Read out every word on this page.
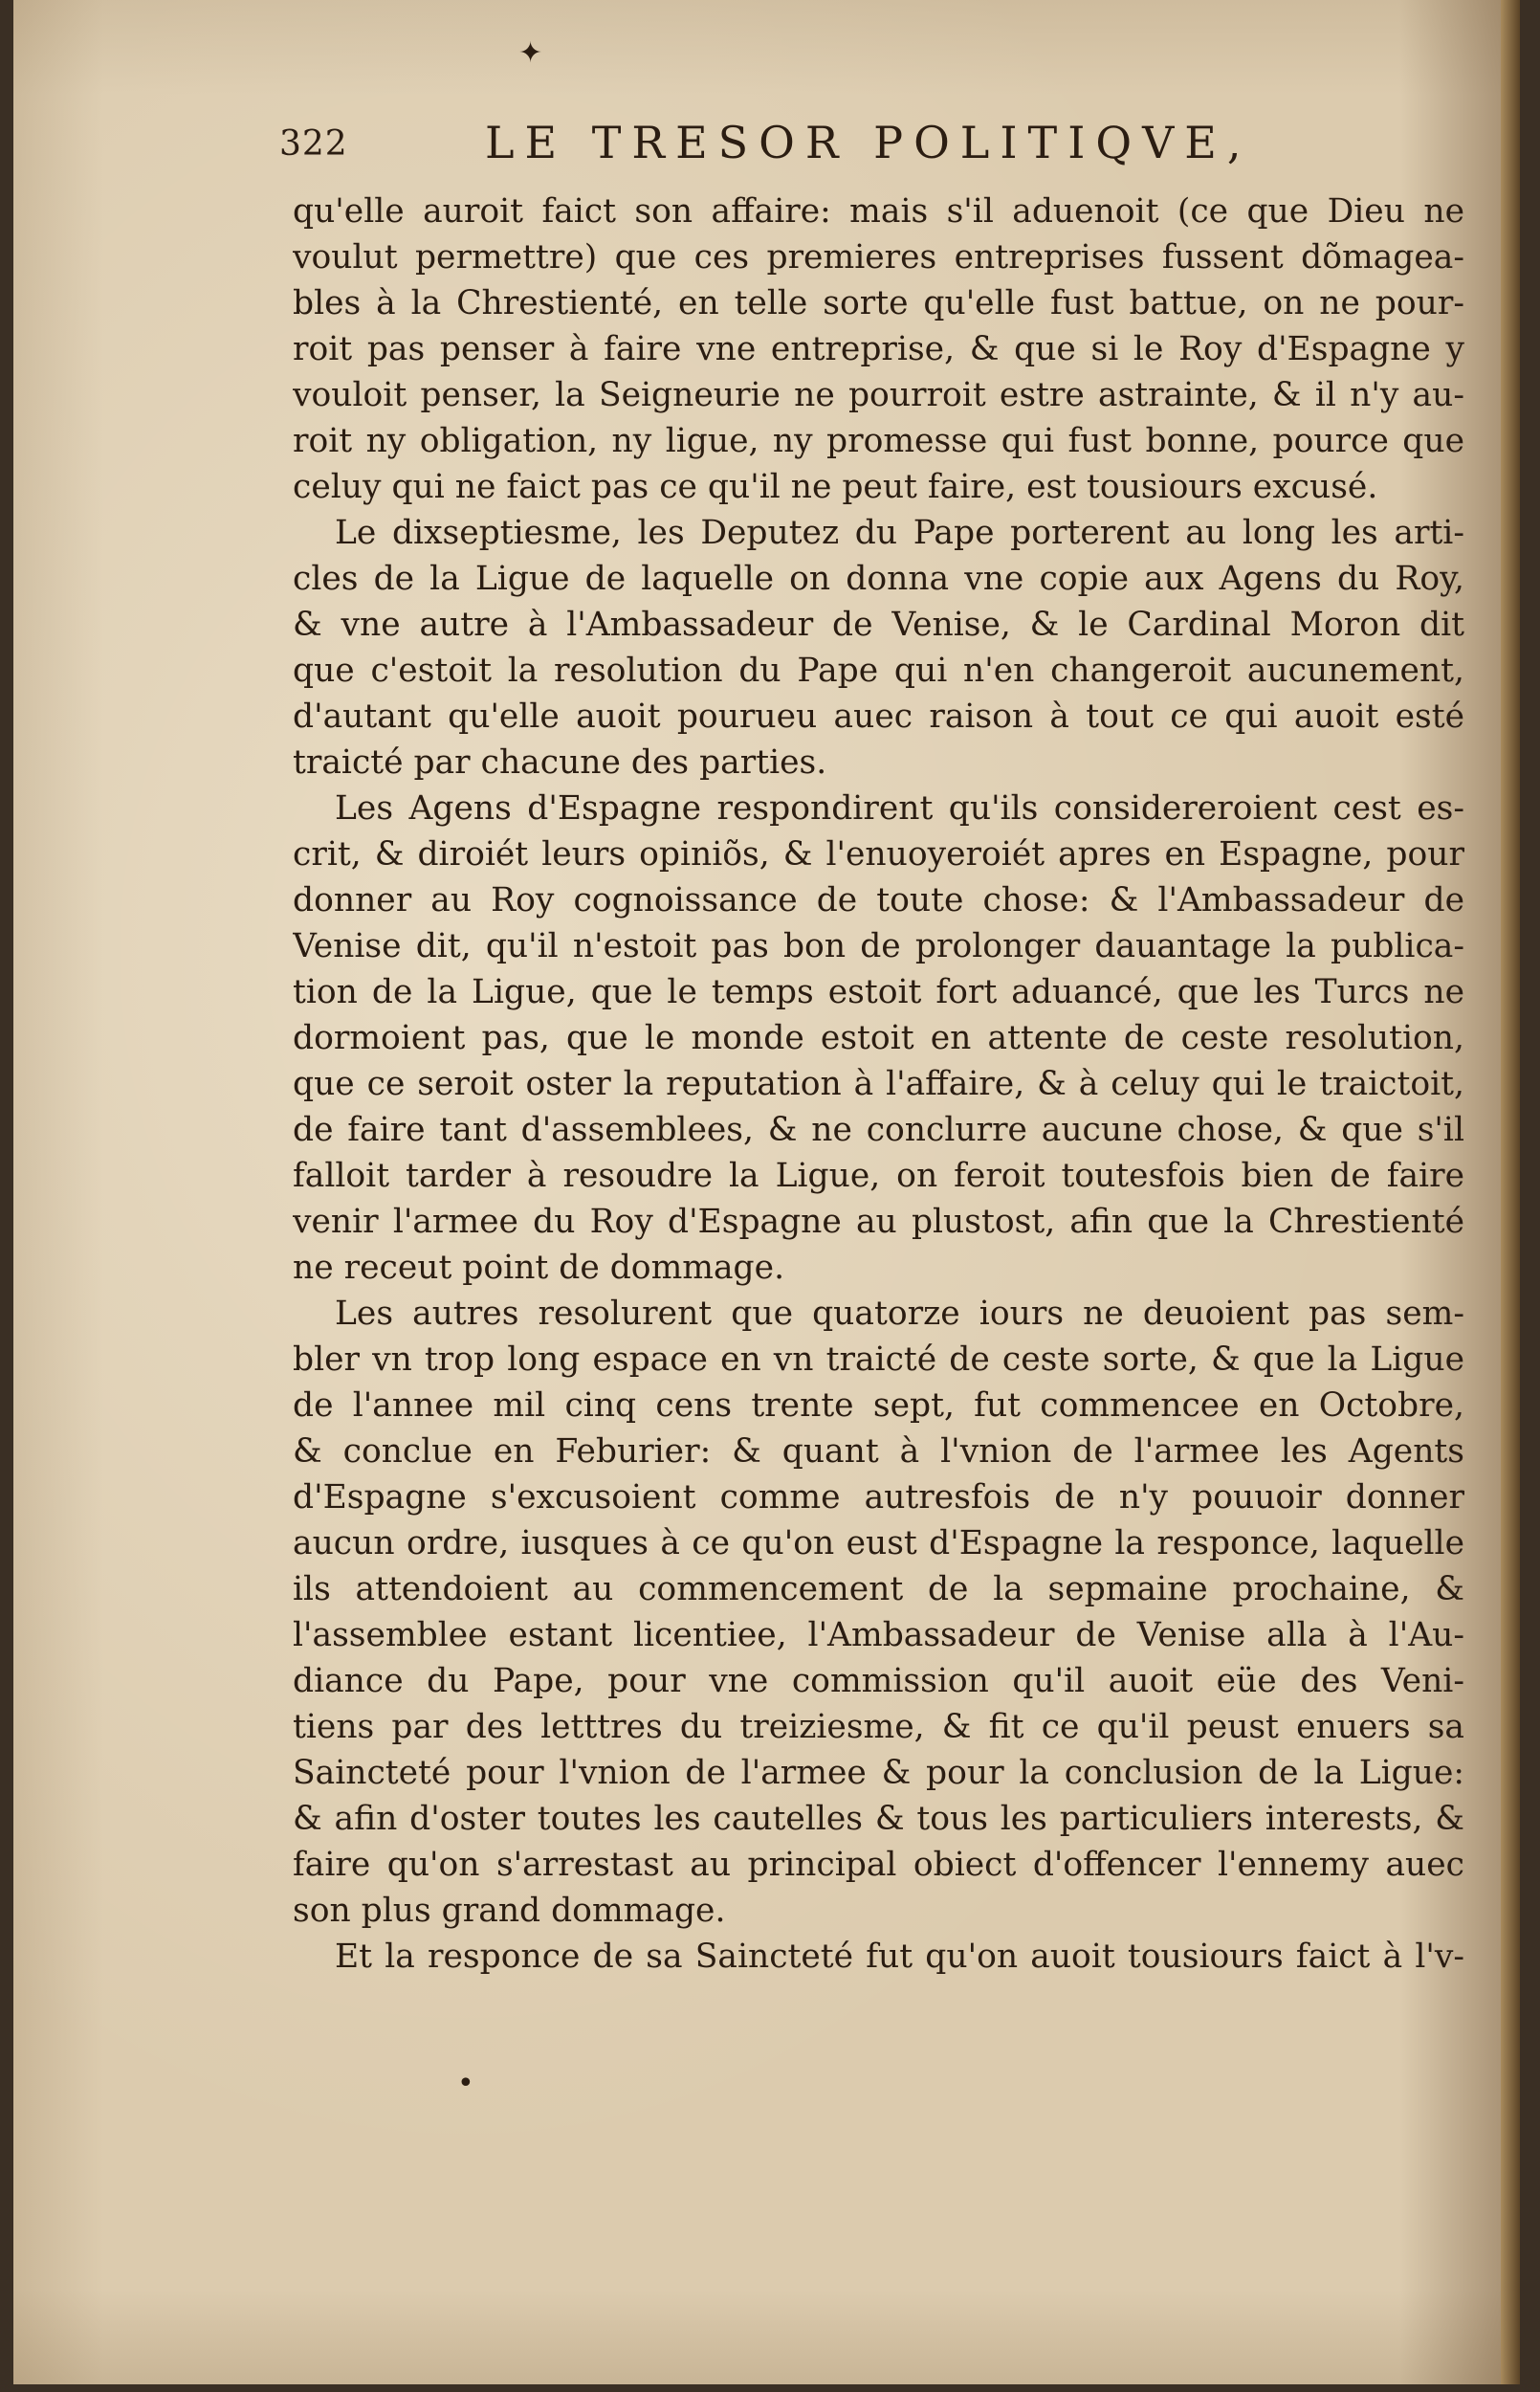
✦
322	LE TRESOR POLITIQVE,
qu'elle auroit faict son affaire: mais s'il aduenoit (ce que Dieu ne
voulut permettre) que ces premieres entreprises fussent dõmagea-
bles à la Chrestienté, en telle sorte qu'elle fust battue, on ne pour-
roit pas penser à faire vne entreprise, & que si le Roy d'Espagne y
vouloit penser, la Seigneurie ne pourroit estre astrainte, & il n'y au-
roit ny obligation, ny ligue, ny promesse qui fust bonne, pource que
celuy qui ne faict pas ce qu'il ne peut faire, est tousiours excusé.
Le dixseptiesme, les Deputez du Pape porterent au long les arti-
cles de la Ligue de laquelle on donna vne copie aux Agens du Roy,
& vne autre à l'Ambassadeur de Venise, & le Cardinal Moron dit
que c'estoit la resolution du Pape qui n'en changeroit aucunement,
d'autant qu'elle auoit pourueu auec raison à tout ce qui auoit esté
traicté par chacune des parties.
Les Agens d'Espagne respondirent qu'ils considereroient cest es-
crit, & diroiét leurs opiniõs, & l'enuoyeroiét apres en Espagne, pour
donner au Roy cognoissance de toute chose: & l'Ambassadeur de
Venise dit, qu'il n'estoit pas bon de prolonger dauantage la publica-
tion de la Ligue, que le temps estoit fort aduancé, que les Turcs ne
dormoient pas, que le monde estoit en attente de ceste resolution,
que ce seroit oster la reputation à l'affaire, & à celuy qui le traictoit,
de faire tant d'assemblees, & ne conclurre aucune chose, & que s'il
falloit tarder à resoudre la Ligue, on feroit toutesfois bien de faire
venir l'armee du Roy d'Espagne au plustost, afin que la Chrestienté
ne receut point de dommage.
Les autres resolurent que quatorze iours ne deuoient pas sem-
bler vn trop long espace en vn traicté de ceste sorte, & que la Ligue
de l'annee mil cinq cens trente sept, fut commencee en Octobre,
& conclue en Feburier: & quant à l'vnion de l'armee les Agents
d'Espagne s'excusoient comme autresfois de n'y pouuoir donner
aucun ordre, iusques à ce qu'on eust d'Espagne la responce, laquelle
ils attendoient au commencement de la sepmaine prochaine, &
l'assemblee estant licentiee, l'Ambassadeur de Venise alla à l'Au-
diance du Pape, pour vne commission qu'il auoit eüe des Veni-
tiens par des letttres du treiziesme, & fit ce qu'il peust enuers sa
Saincteté pour l'vnion de l'armee & pour la conclusion de la Ligue:
& afin d'oster toutes les cautelles & tous les particuliers interests, &
faire qu'on s'arrestast au principal obiect d'offencer l'ennemy auec
son plus grand dommage.
Et la responce de sa Saincteté fut qu'on auoit tousiours faict à l'v-
•
